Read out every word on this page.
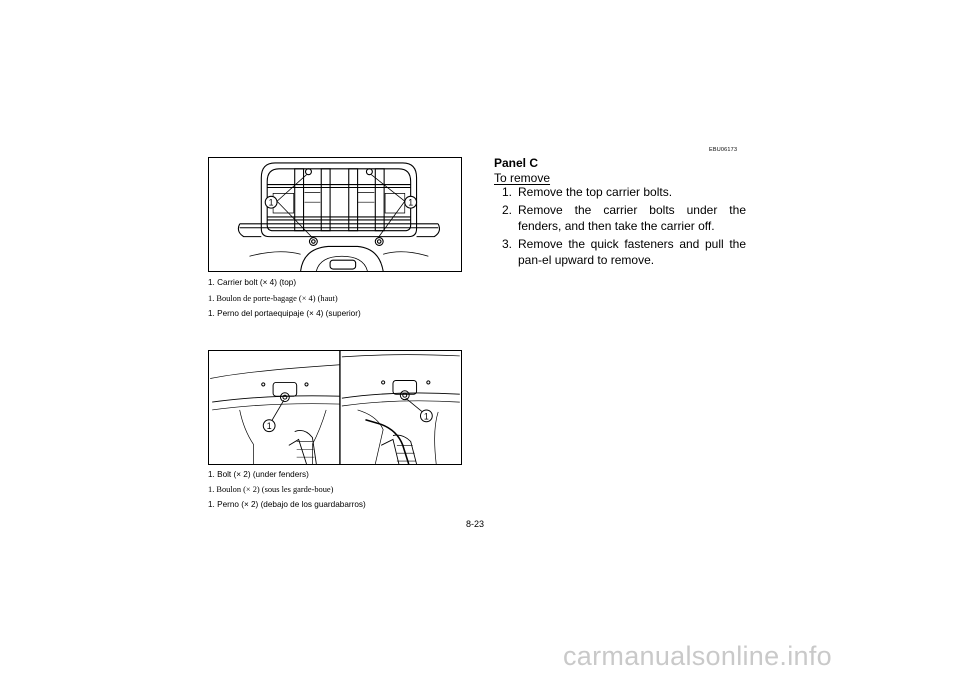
1	1
1. Carrier bolt (× 4) (top)
1. Boulon de porte-bagage (× 4) (haut)
1. Perno del portaequipaje (× 4) (superior)
1
1
1. Bolt (× 2) (under fenders)
1. Boulon (× 2) (sous les garde-boue)
1. Perno (× 2) (debajo de los guardabarros)
EBU06173
Panel C
To remove
1. Remove the top carrier bolts.
2. Remove the carrier bolts under the fenders, and then take the carrier off.
3. Remove the quick fasteners and pull the pan-el upward to remove.
8-23
carmanualsonline.info
